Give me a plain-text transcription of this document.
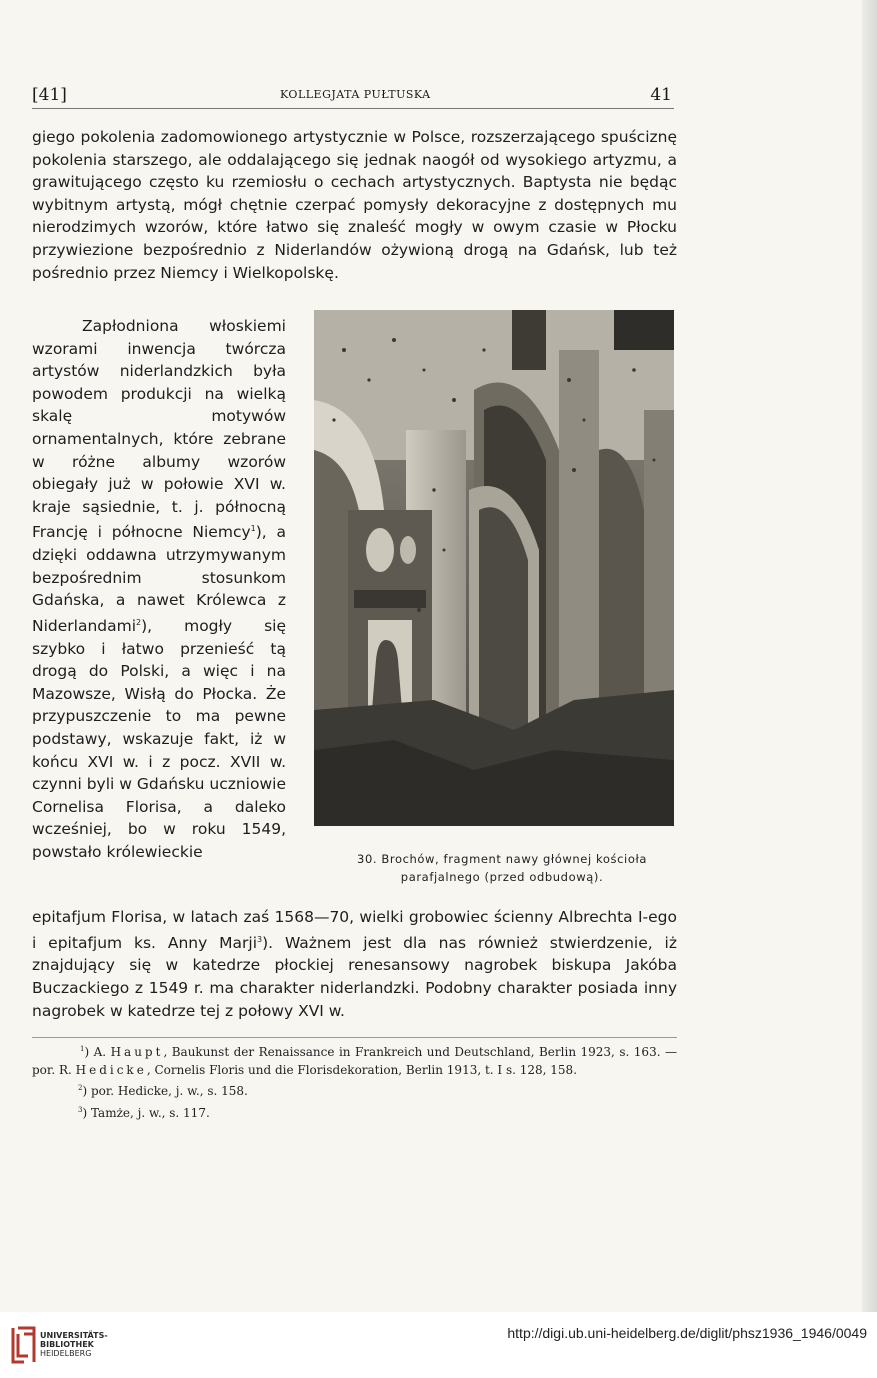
[41]	KOLLEGJATA PUŁTUSKA	41
giego pokolenia zadomowionego artystycznie w Polsce, rozszerzającego spuściznę pokolenia starszego, ale oddalającego się jednak naogół od wysokiego artyzmu, a grawitującego często ku rzemiosłu o cechach artystycznych. Baptysta nie będąc wybitnym artystą, mógł chętnie czerpać pomysły dekoracyjne z dostępnych mu nierodzimych wzorów, które łatwo się znaleść mogły w owym czasie w Płocku przywiezione bezpośrednio z Niderlandów ożywioną drogą na Gdańsk, lub też pośrednio przez Niemcy i Wielkopolskę.
Zapłodniona włoskiemi wzorami inwencja twórcza artystów niderlandzkich była powodem produkcji na wielką skalę motywów ornamentalnych, które zebrane w różne albumy wzorów obiegały już w połowie XVI w. kraje sąsiednie, t. j. północną Francję i północne Niemcy$^1$), a dzięki oddawna utrzymywanym bezpośrednim stosunkom Gdańska, a nawet Królewca z Niderlandami$^2$), mogły się szybko i łatwo przenieść tą drogą do Polski, a więc i na Mazowsze, Wisłą do Płocka. Że przypuszczenie to ma pewne podstawy, wskazuje fakt, iż w końcu XVI w. i z pocz. XVII w. czynni byli w Gdańsku uczniowie Cornelisa Florisa, a daleko wcześniej, bo w roku 1549, powstało królewieckie
epitafjum Florisa, w latach zaś 1568—70, wielki grobowiec ścienny Albrechta I-ego i epitafjum ks. Anny Marji$^3$). Ważnem jest dla nas również stwierdzenie, iż znajdujący się w katedrze płockiej renesansowy nagrobek biskupa Jakóba Buczackiego z 1549 r. ma charakter niderlandzki. Podobny charakter posiada inny nagrobek w katedrze tej z połowy XVI w.
30. Brochów, fragment nawy głównej kościoła
parafjalnego (przed odbudową).

$^1$) A. Haupt, Baukunst der Renaissance in Frankreich und Deutschland, Berlin 1923, s. 163. — por. R. Hedicke, Cornelis Floris und die Florisdekoration, Berlin 1913, t. I s. 128, 158.

$^2$) por. Hedicke, j. w., s. 158.

$^3$) Tamże, j. w., s. 117.

UNIVERSITÄTS-
BIBLIOTHEK
HEIDELBERG
http://digi.ub.uni-heidelberg.de/diglit/phsz1936_1946/0049
